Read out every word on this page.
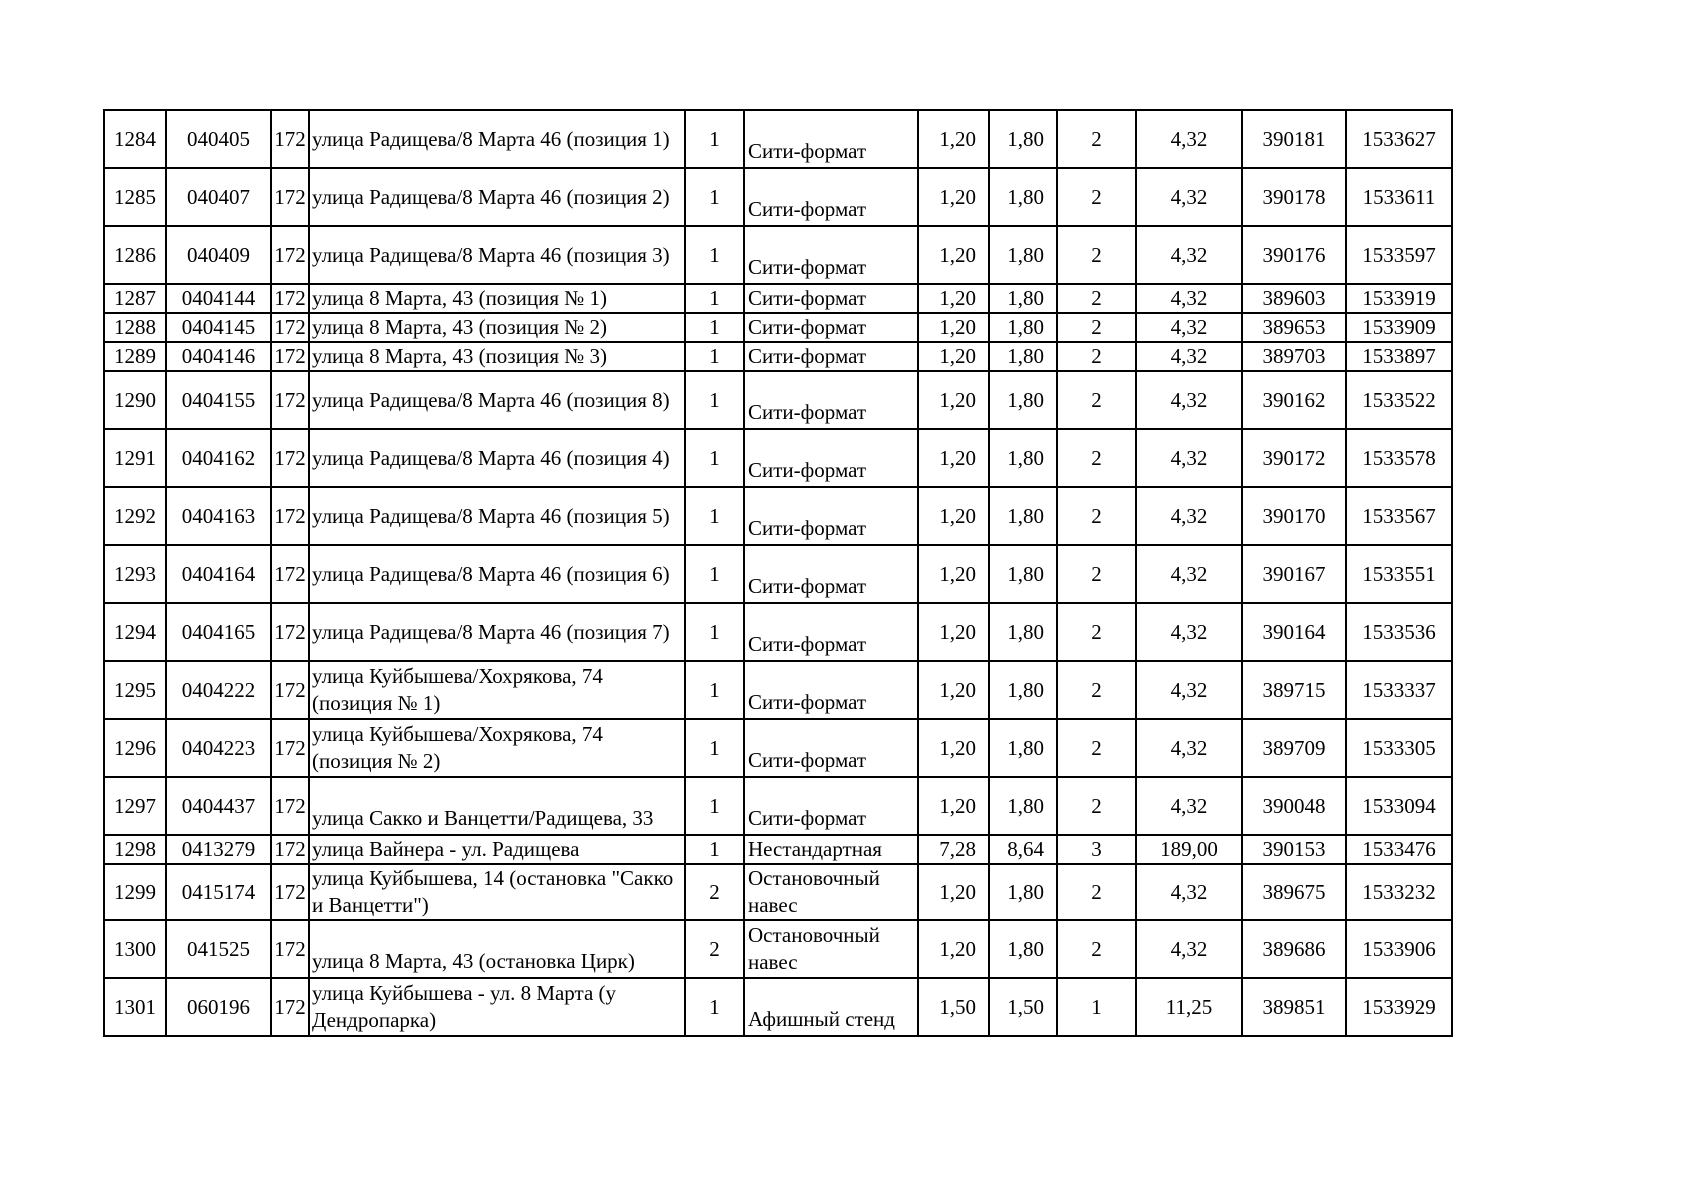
1284	040405	172	улица Радищева/8 Марта 46 (позиция 1)	1	Сити-формат	1,20	1,80	2	4,32	390181	1533627
1285	040407	172	улица Радищева/8 Марта 46 (позиция 2)	1	Сити-формат	1,20	1,80	2	4,32	390178	1533611
1286	040409	172	улица Радищева/8 Марта 46 (позиция 3)	1	Сити-формат	1,20	1,80	2	4,32	390176	1533597
1287	0404144	172	улица 8 Марта, 43 (позиция № 1)	1	Сити-формат	1,20	1,80	2	4,32	389603	1533919
1288	0404145	172	улица 8 Марта, 43 (позиция № 2)	1	Сити-формат	1,20	1,80	2	4,32	389653	1533909
1289	0404146	172	улица 8 Марта, 43 (позиция № 3)	1	Сити-формат	1,20	1,80	2	4,32	389703	1533897
1290	0404155	172	улица Радищева/8 Марта 46 (позиция 8)	1	Сити-формат	1,20	1,80	2	4,32	390162	1533522
1291	0404162	172	улица Радищева/8 Марта 46 (позиция 4)	1	Сити-формат	1,20	1,80	2	4,32	390172	1533578
1292	0404163	172	улица Радищева/8 Марта 46 (позиция 5)	1	Сити-формат	1,20	1,80	2	4,32	390170	1533567
1293	0404164	172	улица Радищева/8 Марта 46 (позиция 6)	1	Сити-формат	1,20	1,80	2	4,32	390167	1533551
1294	0404165	172	улица Радищева/8 Марта 46 (позиция 7)	1	Сити-формат	1,20	1,80	2	4,32	390164	1533536
1295	0404222	172	улица Куйбышева/Хохрякова, 74 (позиция № 1)	1	Сити-формат	1,20	1,80	2	4,32	389715	1533337
1296	0404223	172	улица Куйбышева/Хохрякова, 74 (позиция № 2)	1	Сити-формат	1,20	1,80	2	4,32	389709	1533305
1297	0404437	172	улица Сакко и Ванцетти/Радищева, 33	1	Сити-формат	1,20	1,80	2	4,32	390048	1533094
1298	0413279	172	улица Вайнера - ул. Радищева	1	Нестандартная	7,28	8,64	3	189,00	390153	1533476
1299	0415174	172	улица Куйбышева, 14 (остановка "Сакко и Ванцетти")	2	Остановочный навес	1,20	1,80	2	4,32	389675	1533232
1300	041525	172	улица 8 Марта, 43 (остановка Цирк)	2	Остановочный навес	1,20	1,80	2	4,32	389686	1533906
1301	060196	172	улица Куйбышева - ул. 8 Марта (у Дендропарка)	1	Афишный стенд	1,50	1,50	1	11,25	389851	1533929
